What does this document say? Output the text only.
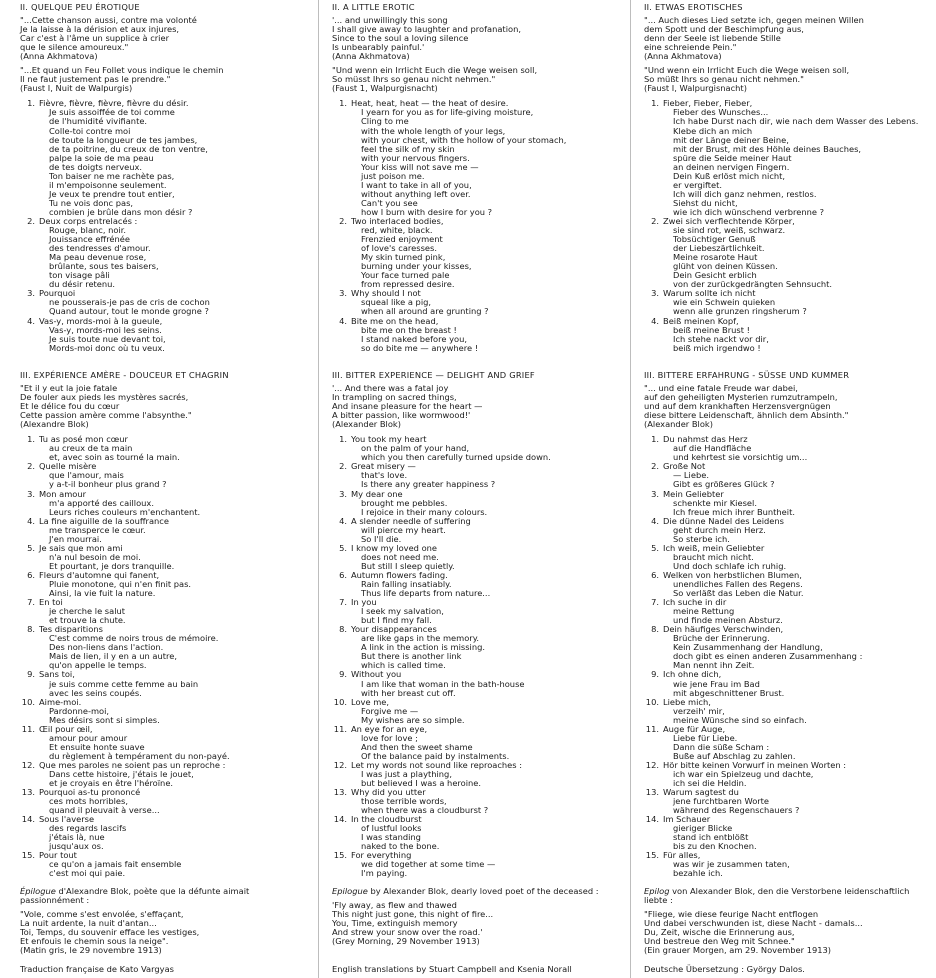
II. QUELQUE PEU ÉROTIQUE
"...Cette chanson aussi, contre ma volonté
Je la laisse à la dérision et aux injures,
Car c'est à l'âme un supplice à crier
que le silence amoureux."
(Anna Akhmatova)
"...Et quand un Feu Follet vous indique le chemin
Il ne faut justement pas le prendre."
(Faust I, Nuit de Walpurgis)
1. Fièvre, fièvre, fièvre, fièvre du désir.
Je suis assoiffée de toi comme
de l'humidité vivifiante.
Colle-toi contre moi
de toute la longueur de tes jambes,
de ta poitrine, du creux de ton ventre,
palpe la soie de ma peau
de tes doigts nerveux.
Ton baiser ne me rachète pas,
il m'empoisonne seulement.
Je veux te prendre tout entier,
Tu ne vois donc pas,
combien je brûle dans mon désir ?
2. Deux corps entrelacés :
Rouge, blanc, noir.
Jouissance effrénée
des tendresses d'amour.
Ma peau devenue rose,
brûlante, sous tes baisers,
ton visage pâli
du désir retenu.
3. Pourquoi
ne pousserais-je pas de cris de cochon
Quand autour, tout le monde grogne ?
4. Vas-y, mords-moi à la gueule,
Vas-y, mords-moi les seins.
Je suis toute nue devant toi,
Mords-moi donc où tu veux.
III. EXPÉRIENCE AMÈRE - DOUCEUR ET CHAGRIN
"Et il y eut la joie fatale
De fouler aux pieds les mystères sacrés,
Et le délice fou du cœur
Cette passion amère comme l'absynthe."
(Alexandre Blok)
1. Tu as posé mon cœur
au creux de ta main
et, avec soin as tourné la main.
2. Quelle misère
que l'amour, mais
y a-t-il bonheur plus grand ?
3. Mon amour
m'a apporté des cailloux.
Leurs riches couleurs m'enchantent.
4. La fine aiguille de la souffrance
me transperce le cœur.
J'en mourrai.
5. Je sais que mon ami
n'a nul besoin de moi.
Et pourtant, je dors tranquille.
6. Fleurs d'automne qui fanent,
Pluie monotone, qui n'en finit pas.
Ainsi, la vie fuit la nature.
7. En toi
je cherche le salut
et trouve la chute.
8. Tes disparitions
C'est comme de noirs trous de mémoire.
Des non-liens dans l'action.
Mais de lien, il y en a un autre,
qu'on appelle le temps.
9. Sans toi,
je suis comme cette femme au bain
avec les seins coupés.
10. Aime-moi.
Pardonne-moi,
Mes désirs sont si simples.
11. Œil pour œil,
amour pour amour
Et ensuite honte suave
du règlement à tempérament du non-payé.
12. Que mes paroles ne soient pas un reproche :
Dans cette histoire, j'étais le jouet,
et je croyais en être l'héroïne.
13. Pourquoi as-tu prononcé
ces mots horribles,
quand il pleuvait à verse...
14. Sous l'averse
des regards lascifs
j'étais là, nue
jusqu'aux os.
15. Pour tout
ce qu'on a jamais fait ensemble
c'est moi qui paie.
Épilogue d'Alexandre Blok, poète que la défunte aimait passionnément :
"Vole, comme s'est envolée, s'effaçant,
La nuit ardente, la nuit d'antan...
Toi, Temps, du souvenir efface les vestiges,
Et enfouis le chemin sous la neige".
(Matin gris, le 29 novembre 1913)
Traduction française de Kato Vargyas
II. A LITTLE EROTIC
'... and unwillingly this song
I shall give away to laughter and profanation,
Since to the soul a loving silence
Is unbearably painful.'
(Anna Akhmatova)
"Und wenn ein Irrlicht Euch die Wege weisen soll,
So müsst Ihrs so genau nicht nehmen."
(Faust 1, Walpurgisnacht)
1. Heat, heat, heat — the heat of desire.
I yearn for you as for life-giving moisture,
Cling to me
with the whole length of your legs,
with your chest, with the hollow of your stomach,
feel the silk of my skin
with your nervous fingers.
Your kiss will not save me —
just poison me.
I want to take in all of you,
without anything left over.
Can't you see
how I burn with desire for you ?
2. Two interlaced bodies,
red, white, black.
Frenzied enjoyment
of love's caresses.
My skin turned pink,
burning under your kisses,
Your face turned pale
from repressed desire.
3. Why should I not
squeal like a pig,
when all around are grunting ?
4. Bite me on the head,
bite me on the breast !
I stand naked before you,
so do bite me — anywhere !
III. BITTER EXPERIENCE — DELIGHT AND GRIEF
'... And there was a fatal joy
In trampling on sacred things,
And insane pleasure for the heart —
A bitter passion, like wormwood!'
(Alexander Blok)
1. You took my heart
on the palm of your hand,
which you then carefully turned upside down.
2. Great misery —
that's love.
Is there any greater happiness ?
3. My dear one
brought me pebbles.
I rejoice in their many colours.
4. A slender needle of suffering
will pierce my heart.
So I'll die.
5. I know my loved one
does not need me.
But still I sleep quietly.
6. Autumn flowers fading.
Rain falling insatiably.
Thus life departs from nature...
7. In you
I seek my salvation,
but I find my fall.
8. Your disappearances
are like gaps in the memory.
A link in the action is missing.
But there is another link
which is called time.
9. Without you
I am like that woman in the bath-house
with her breast cut off.
10. Love me,
Forgive me —
My wishes are so simple.
11. An eye for an eye,
love for love ;
And then the sweet shame
Of the balance paid by instalments.
12. Let my words not sound like reproaches :
I was just a plaything,
but believed I was a heroine.
13. Why did you utter
those terrible words,
when there was a cloudburst ?
14. In the cloudburst
of lustful looks
I was standing
naked to the bone.
15. For everything
we did together at some time —
I'm paying.
Epilogue by Alexander Blok, dearly loved poet of the deceased :
'Fly away, as flew and thawed
This night just gone, this night of fire...
You, Time, extinguish memory
And strew your snow over the road.'
(Grey Morning, 29 November 1913)
English translations by Stuart Campbell and Ksenia Norall
II. ETWAS EROTISCHES
"... Auch dieses Lied setzte ich, gegen meinen Willen
dem Spott und der Beschimpfung aus,
denn der Seele ist liebende Stille
eine schreiende Pein."
(Anna Akhmatova)
"Und wenn ein Irrlicht Euch die Wege weisen soll,
So müßt Ihrs so genau nicht nehmen."
(Faust I, Walpurgisnacht)
1. Fieber, Fieber, Fieber,
Fieber des Wunsches...
Ich habe Durst nach dir, wie nach dem Wasser des Lebens.
Klebe dich an mich
mit der Länge deiner Beine,
mit der Brust, mit des Höhle deines Bauches,
spüre die Seide meiner Haut
an deinen nervigen Fingern.
Dein Kuß erlöst mich nicht,
er vergiftet.
Ich will dich ganz nehmen, restlos.
Siehst du nicht,
wie ich dich wünschend verbrenne ?
2. Zwei sich verflechtende Körper,
sie sind rot, weiß, schwarz.
Tobsüchtiger Genuß
der Liebeszärtlichkeit.
Meine rosarote Haut
glüht von deinen Küssen.
Dein Gesicht erblich
von der zurückgedrängten Sehnsucht.
3. Warum sollte ich nicht
wie ein Schwein quieken
wenn alle grunzen ringsherum ?
4. Beiß meinen Kopf,
beiß meine Brust !
Ich stehe nackt vor dir,
beiß mich irgendwo !
III. BITTERE ERFAHRUNG - SÜSSE UND KUMMER
"... und eine fatale Freude war dabei,
auf den geheiligten Mysterien rumzutrampeln,
und auf dem krankhaften Herzensvergnügen
diese bittere Leidenschaft, ähnlich dem Absinth."
(Alexander Blok)
1. Du nahmst das Herz
auf die Handfläche
und kehrtest sie vorsichtig um...
2. Große Not
— Liebe.
Gibt es größeres Glück ?
3. Mein Geliebter
schenkte mir Kiesel.
Ich freue mich ihrer Buntheit.
4. Die dünne Nadel des Leidens
geht durch mein Herz.
So sterbe ich.
5. Ich weiß, mein Geliebter
braucht mich nicht.
Und doch schlafe ich ruhig.
6. Welken von herbstlichen Blumen,
unendliches Fallen des Regens.
So verläßt das Leben die Natur.
7. Ich suche in dir
meine Rettung
und finde meinen Absturz.
8. Dein häufiges Verschwinden,
Brüche der Erinnerung.
Kein Zusammenhang der Handlung,
doch gibt es einen anderen Zusammenhang :
Man nennt ihn Zeit.
9. Ich ohne dich,
wie jene Frau im Bad
mit abgeschnittener Brust.
10. Liebe mich,
verzeih' mir,
meine Wünsche sind so einfach.
11. Auge für Auge,
Liebe für Liebe.
Dann die süße Scham :
Buße auf Abschlag zu zahlen.
12. Hör bitte keinen Vorwurf in meinen Worten :
ich war ein Spielzeug und dachte,
ich sei die Heldin.
13. Warum sagtest du
jene furchtbaren Worte
während des Regenschauers ?
14. Im Schauer
gieriger Blicke
stand ich entblößt
bis zu den Knochen.
15. Für alles,
was wir je zusammen taten,
bezahle ich.
Epilog von Alexander Blok, den die Verstorbene leidenschaftlich liebte :
"Fliege, wie diese feurige Nacht entflogen
Und dabei verschwunden ist, diese Nacht - damals...
Du, Zeit, wische die Erinnerung aus,
Und bestreue den Weg mit Schnee."
(Ein grauer Morgen, am 29. November 1913)
Deutsche Übersetzung : György Dalos.
